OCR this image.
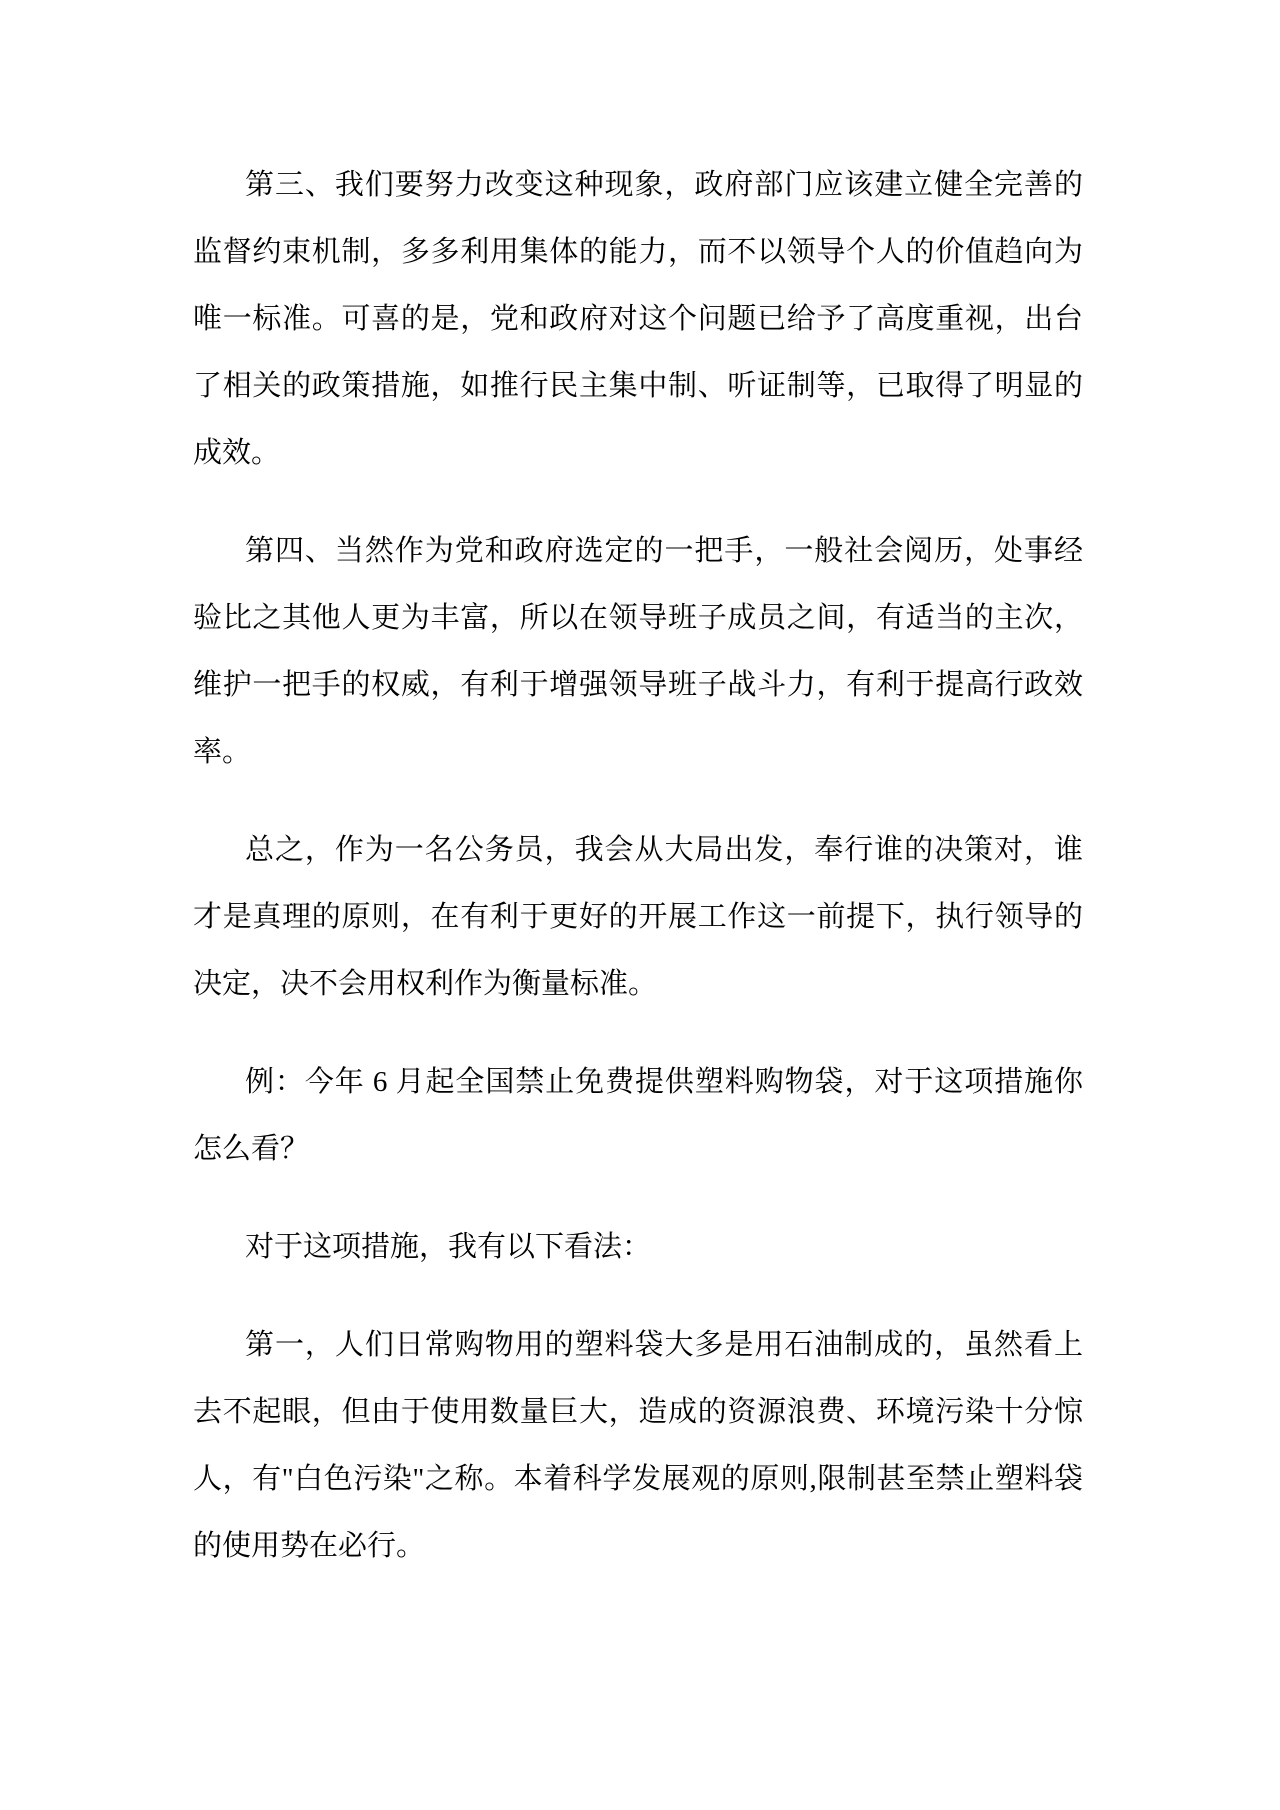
第三、我们要努力改变这种现象，政府部门应该建立健全完善的
监督约束机制，多多利用集体的能力，而不以领导个人的价值趋向为
唯一标准。可喜的是，党和政府对这个问题已给予了高度重视，出台
了相关的政策措施，如推行民主集中制、听证制等，已取得了明显的
成效。
第四、当然作为党和政府选定的一把手，一般社会阅历，处事经
验比之其他人更为丰富，所以在领导班子成员之间，有适当的主次，
维护一把手的权威，有利于增强领导班子战斗力，有利于提高行政效
率。
总之，作为一名公务员，我会从大局出发，奉行谁的决策对，谁
才是真理的原则，在有利于更好的开展工作这一前提下，执行领导的
决定，决不会用权利作为衡量标准。
例：今年 6 月起全国禁止免费提供塑料购物袋，对于这项措施你
怎么看？
对于这项措施，我有以下看法：
第一，人们日常购物用的塑料袋大多是用石油制成的，虽然看上
去不起眼，但由于使用数量巨大，造成的资源浪费、环境污染十分惊
人，有"白色污染"之称。本着科学发展观的原则,限制甚至禁止塑料袋
的使用势在必行。
